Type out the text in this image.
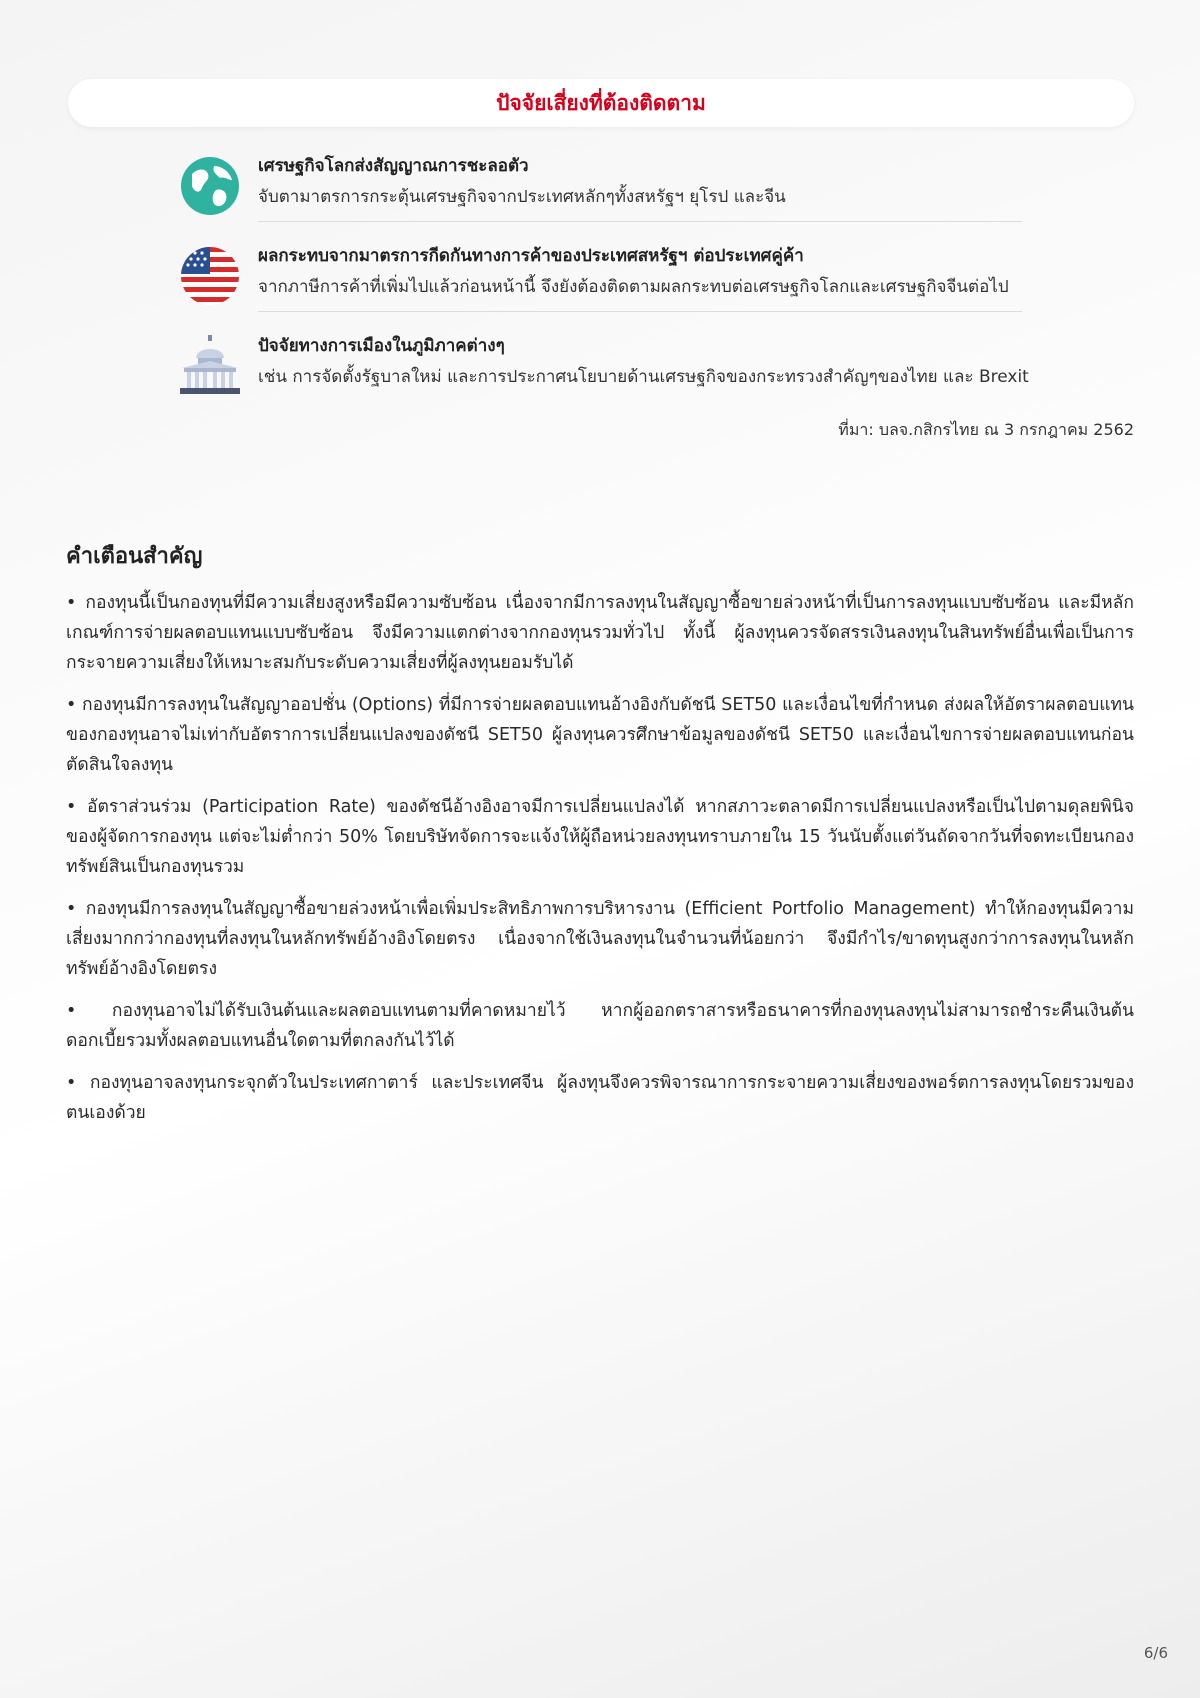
ปัจจัยเสี่ยงที่ต้องติดตาม
เศรษฐกิจโลกส่งสัญญาณการชะลอตัว
จับตามาตรการกระตุ้นเศรษฐกิจจากประเทศหลักๆทั้งสหรัฐฯ ยุโรป และจีน
ผลกระทบจากมาตรการกีดกันทางการค้าของประเทศสหรัฐฯ ต่อประเทศคู่ค้า
จากภาษีการค้าที่เพิ่มไปแล้วก่อนหน้านี้ จึงยังต้องติดตามผลกระทบต่อเศรษฐกิจโลกและเศรษฐกิจจีนต่อไป
ปัจจัยทางการเมืองในภูมิภาคต่างๆ
เช่น การจัดตั้งรัฐบาลใหม่ และการประกาศนโยบายด้านเศรษฐกิจของกระทรวงสำคัญๆของไทย และ Brexit
ที่มา: บลจ.กสิกรไทย ณ 3 กรกฎาคม 2562
คำเตือนสำคัญ

• กองทุนนี้เป็นกองทุนที่มีความเสี่ยงสูงหรือมีความซับซ้อน เนื่องจากมีการลงทุนในสัญญาซื้อขายล่วงหน้าที่เป็นการลงทุนแบบซับซ้อน และมีหลักเกณฑ์การจ่ายผลตอบแทนแบบซับซ้อน จึงมีความแตกต่างจากกองทุนรวมทั่วไป ทั้งนี้ ผู้ลงทุนควรจัดสรรเงินลงทุนในสินทรัพย์อื่นเพื่อเป็นการกระจายความเสี่ยงให้เหมาะสมกับระดับความเสี่ยงที่ผู้ลงทุนยอมรับได้

• กองทุนมีการลงทุนในสัญญาออปชั่น (Options) ที่มีการจ่ายผลตอบแทนอ้างอิงกับดัชนี SET50 และเงื่อนไขที่กำหนด ส่งผลให้อัตราผลตอบแทนของกองทุนอาจไม่เท่ากับอัตราการเปลี่ยนแปลงของดัชนี SET50 ผู้ลงทุนควรศึกษาข้อมูลของดัชนี SET50 และเงื่อนไขการจ่ายผลตอบแทนก่อนตัดสินใจลงทุน

• อัตราส่วนร่วม (Participation Rate) ของดัชนีอ้างอิงอาจมีการเปลี่ยนแปลงได้ หากสภาวะตลาดมีการเปลี่ยนแปลงหรือเป็นไปตามดุลยพินิจของผู้จัดการกองทุน แต่จะไม่ต่ำกว่า 50% โดยบริษัทจัดการจะแจ้งให้ผู้ถือหน่วยลงทุนทราบภายใน 15 วันนับตั้งแต่วันถัดจากวันที่จดทะเบียนกองทรัพย์สินเป็นกองทุนรวม

• กองทุนมีการลงทุนในสัญญาซื้อขายล่วงหน้าเพื่อเพิ่มประสิทธิภาพการบริหารงาน (Efficient Portfolio Management) ทำให้กองทุนมีความเสี่ยงมากกว่ากองทุนที่ลงทุนในหลักทรัพย์อ้างอิงโดยตรง เนื่องจากใช้เงินลงทุนในจำนวนที่น้อยกว่า จึงมีกำไร/ขาดทุนสูงกว่าการลงทุนในหลักทรัพย์อ้างอิงโดยตรง

• กองทุนอาจไม่ได้รับเงินต้นและผลตอบแทนตามที่คาดหมายไว้ หากผู้ออกตราสารหรือธนาคารที่กองทุนลงทุนไม่สามารถชำระคืนเงินต้น ดอกเบี้ยรวมทั้งผลตอบแทนอื่นใดตามที่ตกลงกันไว้ได้

• กองทุนอาจลงทุนกระจุกตัวในประเทศกาตาร์ และประเทศจีน ผู้ลงทุนจึงควรพิจารณาการกระจายความเสี่ยงของพอร์ตการลงทุนโดยรวมของตนเองด้วย

6/6
